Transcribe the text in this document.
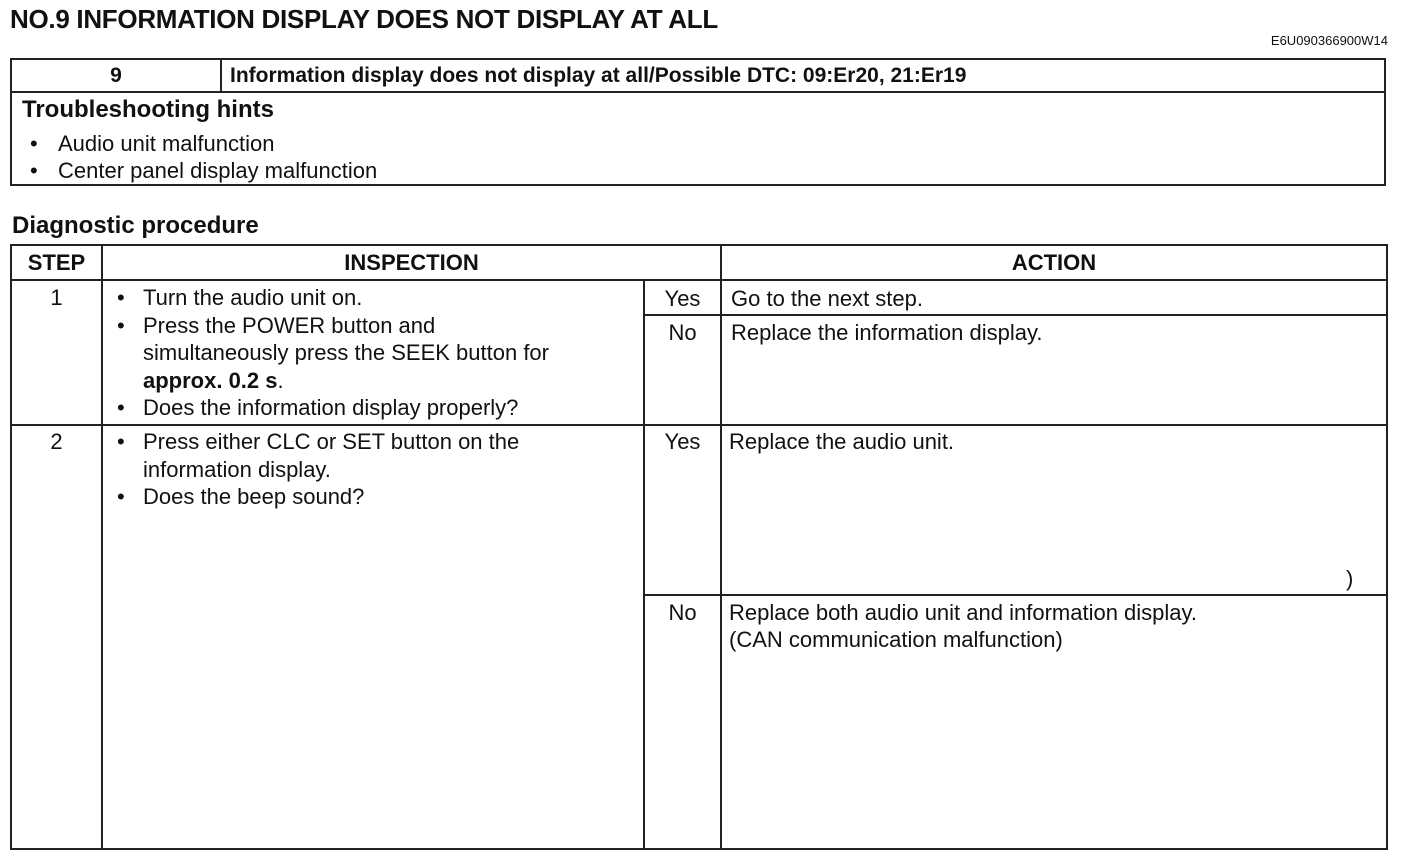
NO.9 INFORMATION DISPLAY DOES NOT DISPLAY AT ALL
E6U090366900W14
9	Information display does not display at all/Possible DTC: 09:Er20, 21:Er19
Troubleshooting hints
• Audio unit malfunction
• Center panel display malfunction
Diagnostic procedure
STEP	INSPECTION	ACTION
1	• Turn the audio unit on.
• Press the POWER button and
simultaneously press the SEEK button for
approx. 0.2 s.
• Does the information display properly?
Yes	Go to the next step.
No	Replace the information display.
2	• Press either CLC or SET button on the
information display.
• Does the beep sound?
Yes	Replace the audio unit.
)
No	Replace both audio unit and information display.
(CAN communication malfunction)
